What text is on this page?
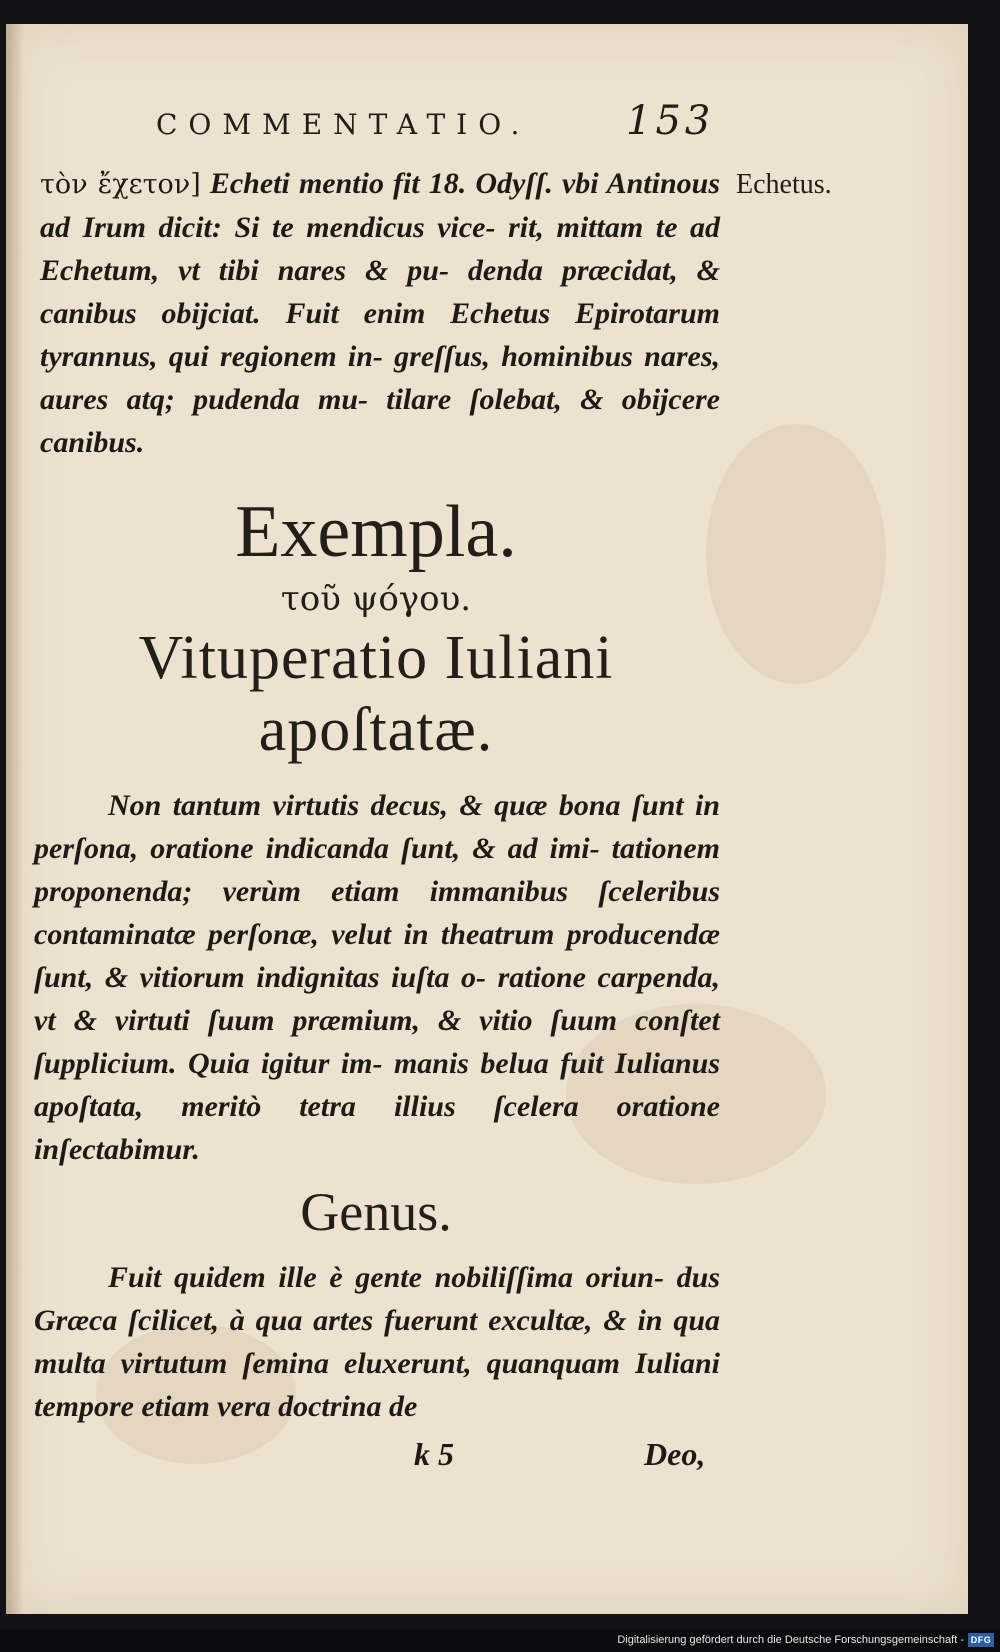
COMMENTATIO. 153
Echetus.
τὸν ἔχετον] Echeti mentio fit 18. Odyſſ. vbi Antinous ad Irum dicit: Si te mendicus vice- rit, mittam te ad Echetum, vt tibi nares & pu- denda præcidat, & canibus obijciat. Fuit enim Echetus Epirotarum tyrannus, qui regionem in- greſſus, hominibus nares, aures atq; pudenda mu- tilare ſolebat, & obijcere canibus.
Exempla.
τοῦ ψόγου.
Vituperatio Iuliani
apoſtatæ.
Non tantum virtutis decus, & quæ bona ſunt in perſona, oratione indicanda ſunt, & ad imi- tationem proponenda; verùm etiam immanibus ſceleribus contaminatæ perſonæ, velut in theatrum producendæ ſunt, & vitiorum indignitas iuſta o- ratione carpenda, vt & virtuti ſuum præmium, & vitio ſuum conſtet ſupplicium. Quia igitur im- manis belua fuit Iulianus apoſtata, meritò tetra illius ſcelera oratione inſectabimur.
Genus.
Fuit quidem ille è gente nobiliſſima oriun- dus Græca ſcilicet, à qua artes fuerunt excultæ, & in qua multa virtutum ſemina eluxerunt, quanquam Iuliani tempore etiam vera doctrina de
k 5	Deo,
Digitalisierung gefördert durch die Deutsche Forschungsgemeinschaft - DFG
